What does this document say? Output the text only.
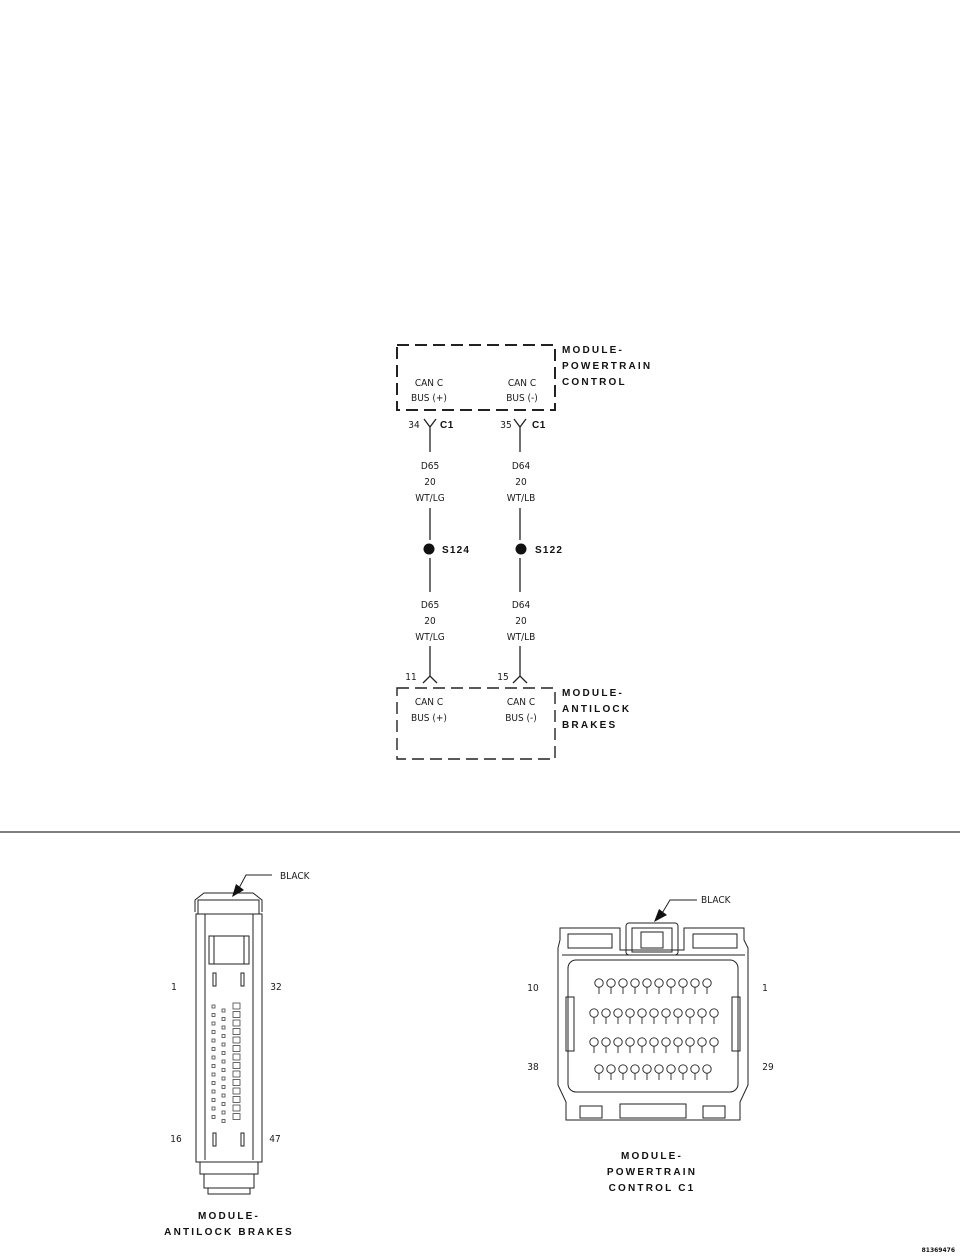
MODULE-
POWERTRAIN
CONTROL
CAN C
BUS (+)
CAN C
BUS (-)
34 C1	35 C1
D65
20
WT/LG
D64
20
WT/LB
S124	S122
D65
20
WT/LG
D64
20
WT/LB
11	15
CAN C
BUS (+)
CAN C
BUS (-)
MODULE-
ANTILOCK
BRAKES
BLACK
1	32
16	47
MODULE-
ANTILOCK BRAKES
BLACK
10	1
38	29
MODULE-
POWERTRAIN
CONTROL C1
81369476
